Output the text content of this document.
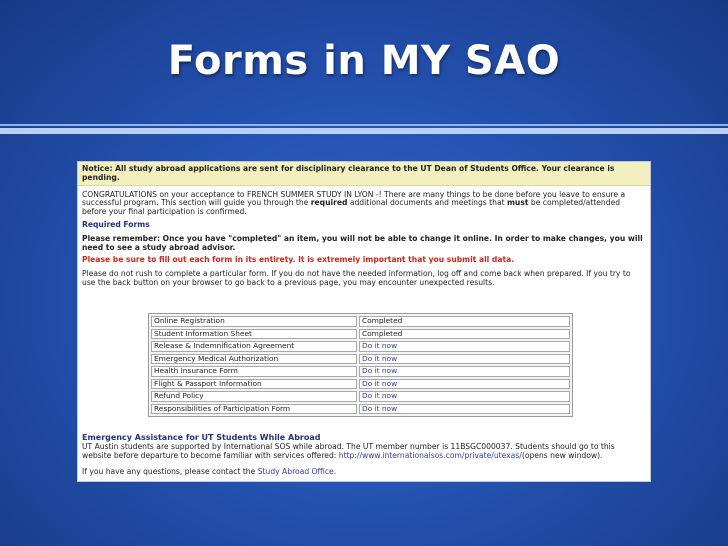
Forms in MY SAO
Notice: All study abroad applications are sent for disciplinary clearance to the UT Dean of Students Office. Your clearance is pending.
CONGRATULATIONS on your acceptance to FRENCH SUMMER STUDY IN LYON -! There are many things to be done before you leave to ensure a successful program. This section will guide you through the required additional documents and meetings that must be completed/attended before your final participation is confirmed.
Required Forms
Please remember: Once you have "completed" an item, you will not be able to change it online. In order to make changes, you will need to see a study abroad advisor.
Please be sure to fill out each form in its entirety. It is extremely important that you submit all data.
Please do not rush to complete a particular form. If you do not have the needed information, log off and come back when prepared. If you try to use the back button on your browser to go back to a previous page, you may encounter unexpected results.
Online Registration	Completed
Student Information Sheet	Completed
Release & Indemnification Agreement	Do it now
Emergency Medical Authorization	Do it now
Health Insurance Form	Do it now
Flight & Passport Information	Do it now
Refund Policy	Do it now
Responsibilities of Participation Form	Do it now
Emergency Assistance for UT Students While Abroad
UT Austin students are supported by International SOS while abroad. The UT member number is 11BSGC000037. Students should go to this website before departure to become familiar with services offered: http://www.internationalsos.com/private/utexas/(opens new window).
If you have any questions, please contact the Study Abroad Office.
